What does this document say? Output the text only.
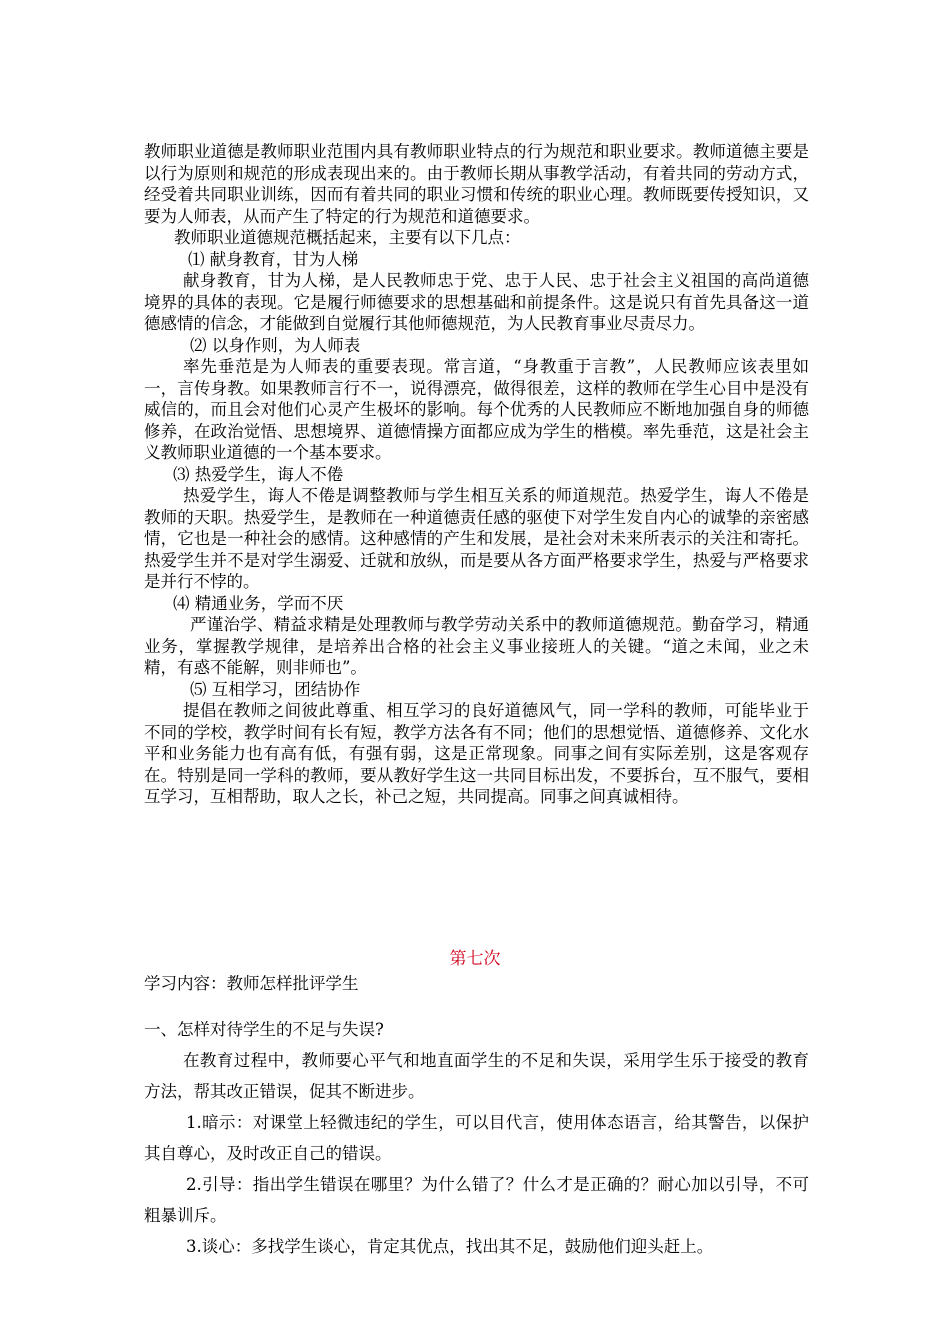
教师职业道德是教师职业范围内具有教师职业特点的行为规范和职业要求。教师道德主要是以行为原则和规范的形成表现出来的。由于教师长期从事教学活动，有着共同的劳动方式，经受着共同职业训练，因而有着共同的职业习惯和传统的职业心理。教师既要传授知识，又要为人师表，从而产生了特定的行为规范和道德要求。

教师职业道德规范概括起来，主要有以下几点：

⑴ 献身教育，甘为人梯

献身教育，甘为人梯，是人民教师忠于党、忠于人民、忠于社会主义祖国的高尚道德境界的具体的表现。它是履行师德要求的思想基础和前提条件。这是说只有首先具备这一道德感情的信念，才能做到自觉履行其他师德规范，为人民教育事业尽责尽力。

⑵ 以身作则，为人师表

率先垂范是为人师表的重要表现。常言道，“身教重于言教”，人民教师应该表里如一，言传身教。如果教师言行不一，说得漂亮，做得很差，这样的教师在学生心目中是没有威信的，而且会对他们心灵产生极坏的影响。每个优秀的人民教师应不断地加强自身的师德修养，在政治觉悟、思想境界、道德情操方面都应成为学生的楷模。率先垂范，这是社会主义教师职业道德的一个基本要求。

⑶ 热爱学生，诲人不倦

热爱学生，诲人不倦是调整教师与学生相互关系的师道规范。热爱学生，诲人不倦是教师的天职。热爱学生，是教师在一种道德责任感的驱使下对学生发自内心的诚挚的亲密感情，它也是一种社会的感情。这种感情的产生和发展，是社会对未来所表示的关注和寄托。热爱学生并不是对学生溺爱、迁就和放纵，而是要从各方面严格要求学生，热爱与严格要求是并行不悖的。

⑷ 精通业务，学而不厌

严谨治学、精益求精是处理教师与教学劳动关系中的教师道德规范。勤奋学习，精通业务，掌握教学规律，是培养出合格的社会主义事业接班人的关键。“道之未闻，业之未精，有惑不能解，则非师也”。

⑸ 互相学习，团结协作

提倡在教师之间彼此尊重、相互学习的良好道德风气，同一学科的教师，可能毕业于不同的学校，教学时间有长有短，教学方法各有不同；他们的思想觉悟、道德修养、文化水平和业务能力也有高有低，有强有弱，这是正常现象。同事之间有实际差别，这是客观存在。特别是同一学科的教师，要从教好学生这一共同目标出发，不要拆台，互不服气，要相互学习，互相帮助，取人之长，补己之短，共同提高。同事之间真诚相待。

第七次

学习内容：教师怎样批评学生

一、怎样对待学生的不足与失误?

在教育过程中，教师要心平气和地直面学生的不足和失误，采用学生乐于接受的教育方法，帮其改正错误，促其不断进步。

1.暗示：对课堂上轻微违纪的学生，可以目代言，使用体态语言，给其警告，以保护其自尊心，及时改正自己的错误。

2.引导：指出学生错误在哪里？为什么错了？什么才是正确的？耐心加以引导，不可粗暴训斥。

3.谈心：多找学生谈心，肯定其优点，找出其不足，鼓励他们迎头赶上。
